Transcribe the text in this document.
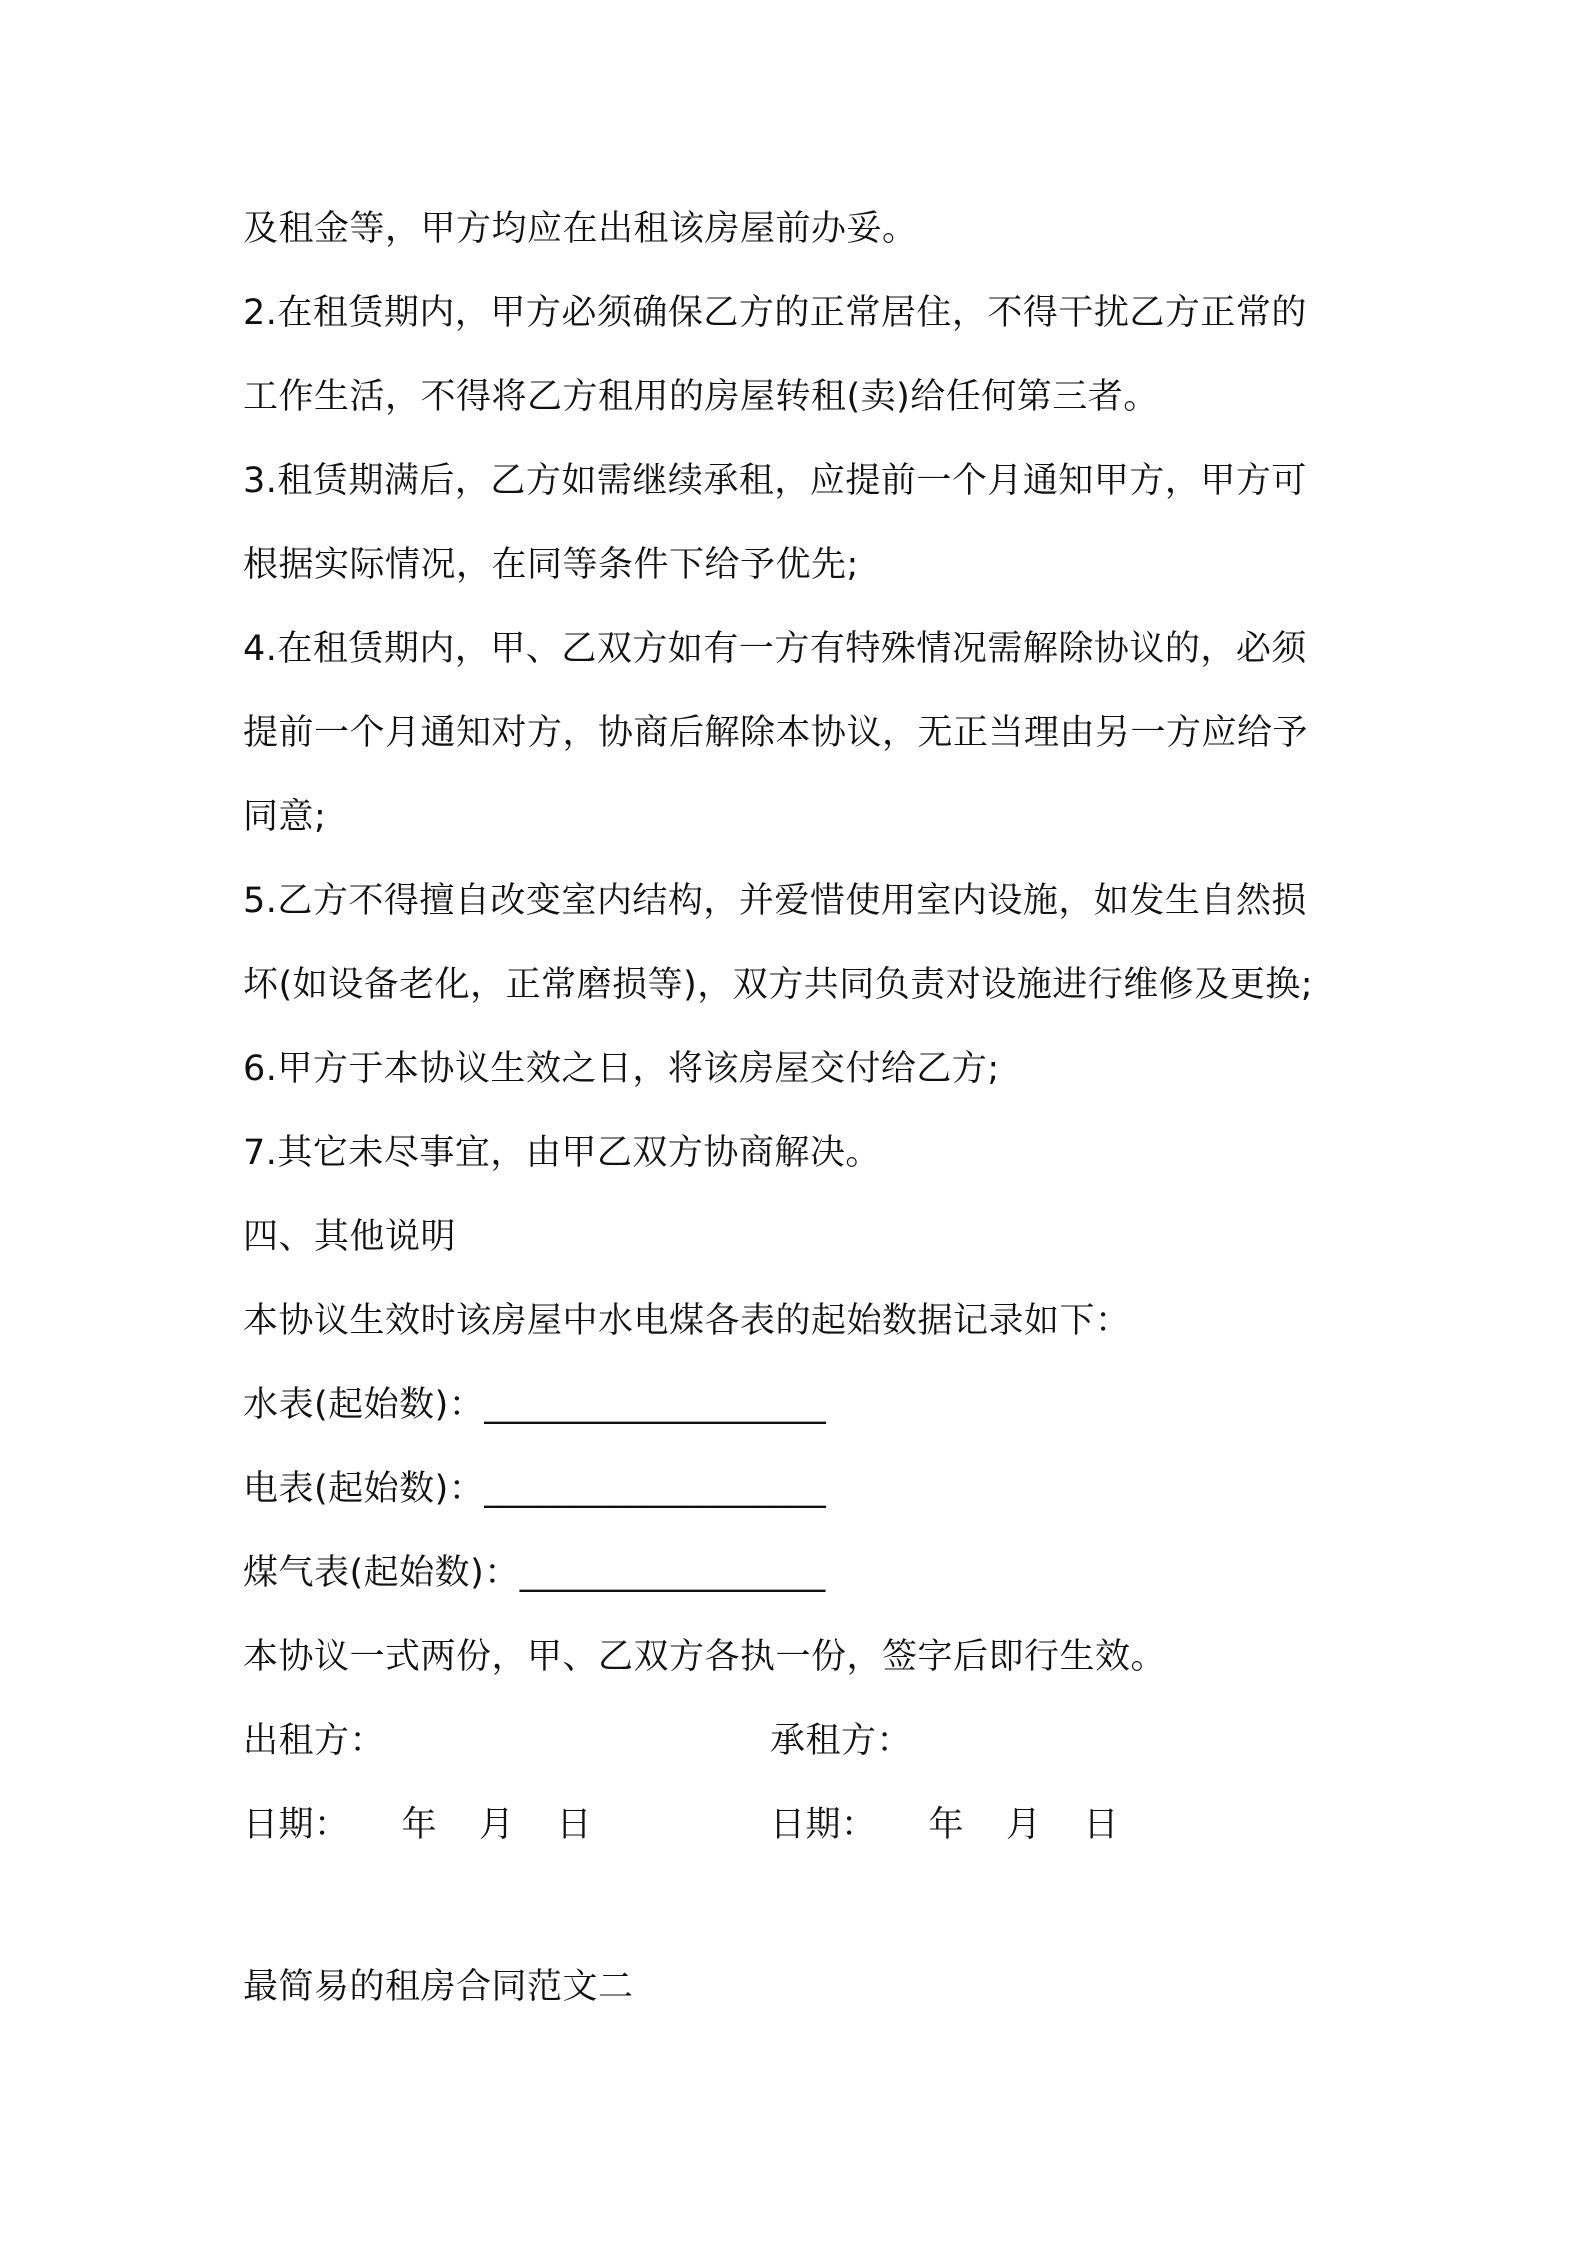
及租金等，甲方均应在出租该房屋前办妥。
2.在租赁期内，甲方必须确保乙方的正常居住，不得干扰乙方正常的
工作生活，不得将乙方租用的房屋转租(卖)给任何第三者。
3.租赁期满后，乙方如需继续承租，应提前一个月通知甲方，甲方可
根据实际情况，在同等条件下给予优先;
4.在租赁期内，甲、乙双方如有一方有特殊情况需解除协议的，必须
提前一个月通知对方，协商后解除本协议，无正当理由另一方应给予
同意;
5.乙方不得擅自改变室内结构，并爱惜使用室内设施，如发生自然损
坏(如设备老化，正常磨损等)，双方共同负责对设施进行维修及更换;
6.甲方于本协议生效之日，将该房屋交付给乙方;
7.其它未尽事宜，由甲乙双方协商解决。
四、其他说明
本协议生效时该房屋中水电煤各表的起始数据记录如下：
水表(起始数)：___________________
电表(起始数)：___________________
煤气表(起始数)：_________________
本协议一式两份，甲、乙双方各执一份，签字后即行生效。
出租方：	承租方：
日期： 年 月 日	日期： 年 月 日
最简易的租房合同范文二
